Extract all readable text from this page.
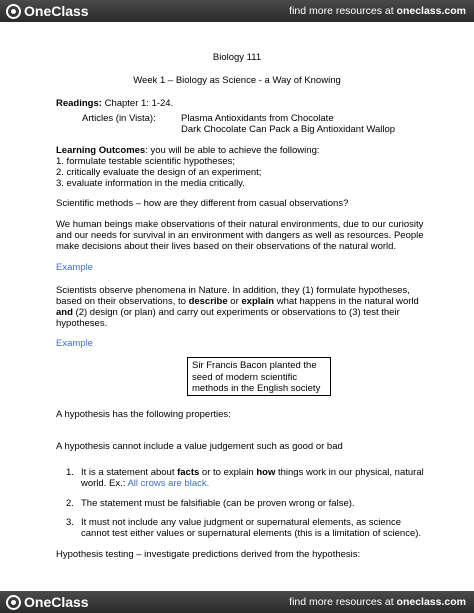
OneClass	find more resources at oneclass.com
Biology 111
Week 1 – Biology as Science - a Way of Knowing
Readings: Chapter 1: 1-24.
Articles (in Vista):	Plasma Antioxidants from Chocolate
Dark Chocolate Can Pack a Big Antioxidant Wallop
Learning Outcomes: you will be able to achieve the following:
1. formulate testable scientific hypotheses;
2. critically evaluate the design of an experiment;
3. evaluate information in the media critically.
Scientific methods – how are they different from casual observations?
We human beings make observations of their natural environments, due to our curiosity
and our needs for survival in an environment with dangers as well as resources. People
make decisions about their lives based on their observations of the natural world.
Example
Scientists observe phenomena in Nature. In addition, they (1) formulate hypotheses,
based on their observations, to describe or explain what happens in the natural world
and (2) design (or plan) and carry out experiments or observations to (3) test their
hypotheses.
Example
Sir Francis Bacon planted the
seed of modern scientific
methods in the English society
A hypothesis has the following properties:
A hypothesis cannot include a value judgement such as good or bad
1. It is a statement about facts or to explain how things work in our physical, natural
world. Ex.: All crows are black.
2. The statement must be falsifiable (can be proven wrong or false).
3. It must not include any value judgment or supernatural elements, as science
cannot test either values or supernatural elements (this is a limitation of science).
Hypothesis testing – investigate predictions derived from the hypothesis:
OneClass	find more resources at oneclass.com
